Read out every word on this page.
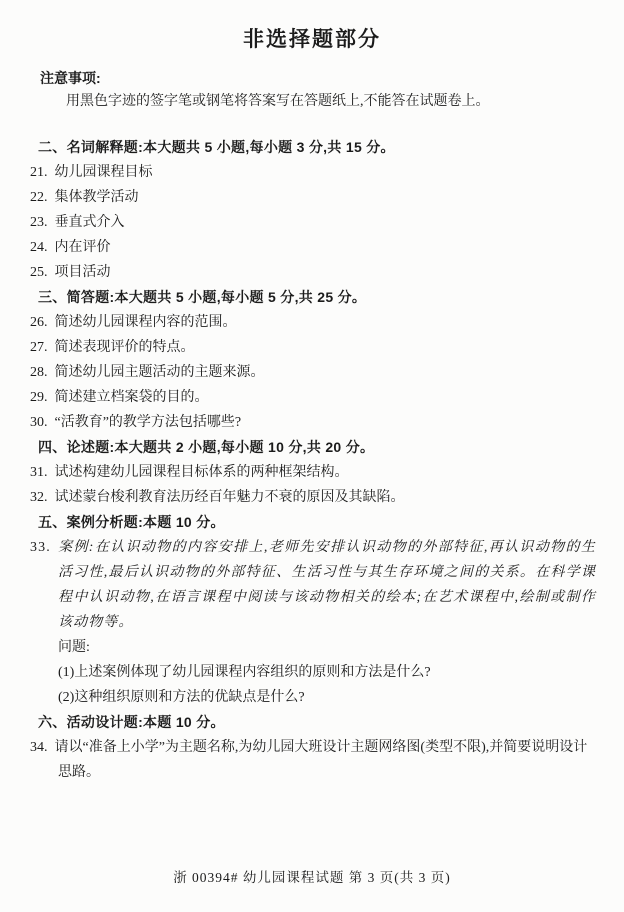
非选择题部分
注意事项:
用黑色字迹的签字笔或钢笔将答案写在答题纸上,不能答在试题卷上。
二、名词解释题:本大题共 5 小题,每小题 3 分,共 15 分。
21. 幼儿园课程目标
22. 集体教学活动
23. 垂直式介入
24. 内在评价
25. 项目活动
三、简答题:本大题共 5 小题,每小题 5 分,共 25 分。
26. 简述幼儿园课程内容的范围。
27. 简述表现评价的特点。
28. 简述幼儿园主题活动的主题来源。
29. 简述建立档案袋的目的。
30. “活教育”的教学方法包括哪些?
四、论述题:本大题共 2 小题,每小题 10 分,共 20 分。
31. 试述构建幼儿园课程目标体系的两种框架结构。
32. 试述蒙台梭利教育法历经百年魅力不衰的原因及其缺陷。
五、案例分析题:本题 10 分。
33. 案例:在认识动物的内容安排上,老师先安排认识动物的外部特征,再认识动物的生活习性,最后认识动物的外部特征、生活习性与其生存环境之间的关系。在科学课程中认识动物,在语言课程中阅读与该动物相关的绘本;在艺术课程中,绘制或制作该动物等。
问题:
(1)上述案例体现了幼儿园课程内容组织的原则和方法是什么?
(2)这种组织原则和方法的优缺点是什么?
六、活动设计题:本题 10 分。
34. 请以“准备上小学”为主题名称,为幼儿园大班设计主题网络图(类型不限),并简要说明设计思路。
浙 00394# 幼儿园课程试题 第 3 页(共 3 页)
